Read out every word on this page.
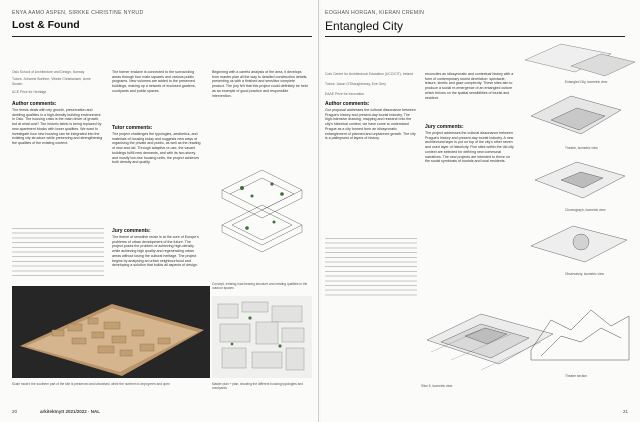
ENYA AAMO ASPEN, SIRKKE CHRISTINE NYRUD
Lost & Found
Oslo School of Architecture and Design, Norway
Tutors: Johanne Borthne, Vibeke Christiansen, Anne Skoien
ACE Prize for Heritage
Author comments:
The thesis deals with city growth, preservation and dwelling qualities in a high-density building environment in Oslo. The housing crisis is the main driver of growth, but at what cost? The historic fabric is being replaced by new apartment blocks with lower qualities. We want to investigate how new housing can be integrated into the existing city structure while preserving and strengthening the qualities of the existing context.
The former enclave is connected to the surrounding areas through four main squares and various public programs. New volumes are added to the preserved buildings, making up a network of enclosed gardens, courtyards and public spaces.
Tutor comments:
The project challenges the typologies, aesthetics, and materials of housing today and suggests new ways of organising the private and public, as well as the reading of new and old. Through adaptive re-use, the vacant buildings fulfill new demands, and with its two-storey and mostly low-rise housing units, the project achieves both density and quality.
Jury comments:
The theme of sensitive reuse is at the core of Europe's problems of urban development of the future. The project poses the problem of achieving high-density while achieving high quality and regenerating urban areas without losing the cultural heritage. The project begins by analysing an urban neighbourhood and developing a solution that builds all aspects of design.
Beginning with a careful analysis of the area, it develops from master plan all the way to detailed construction details, presenting us with a finished and sensitive complete product. The jury felt that this project could definitely be held as an example of good practice and responsible intervention.
Concept, existing load bearing structure and existing qualities in the outdoor spaces
Scale model: the southern part of the site is preserved and urbanised, while the northern is kept green and open	Master plan + plan, showing the different housing typologies and courtyards
20	arkitektnytt 2021/2022 · NAL
EOGHAN HORGAN, KIERAN CREMIN
Entangled City
Cork Centre for Architectural Education (UCC/CIT), Ireland
Tutors: Jason O'Shaughnessy, Eve Grey
EAAE Prize for Innovation
Author comments:
Our proposal addresses the cultural dissonance between Prague's history and present-day tourist industry. The high-intensive drawing, mapping and research into the city's historical context, we have come to understand Prague as a city formed from an idiosyncratic entanglement of planned and unplanned growth. The city is a palimpsest of layers of history.
reconciles an idiosyncratic and contextual history with a form of contemporary tourist dereliction: spectacle, leisure, kinetic and gaze complexity. These sites aim to produce a social re-emergence of an entangled culture which thrives on the spatial sensibilities of tourist and resident.
Jury comments:
The project addresses the cultural dissonance between Prague's history and present-day tourist industry. A new architectural layer is put on top of the city's other seven and used layer of historicity. Five sites within the old city context are selected for defining new communal narratives. The new projects are intended to thrive on the social symbiosis of tourists and local residents.
Slice 5, isometric view
Entangled City, isometric view
Theatre, isometric view
Choreograph, isometric view
Observatory, isometric view
Theatre section
21
